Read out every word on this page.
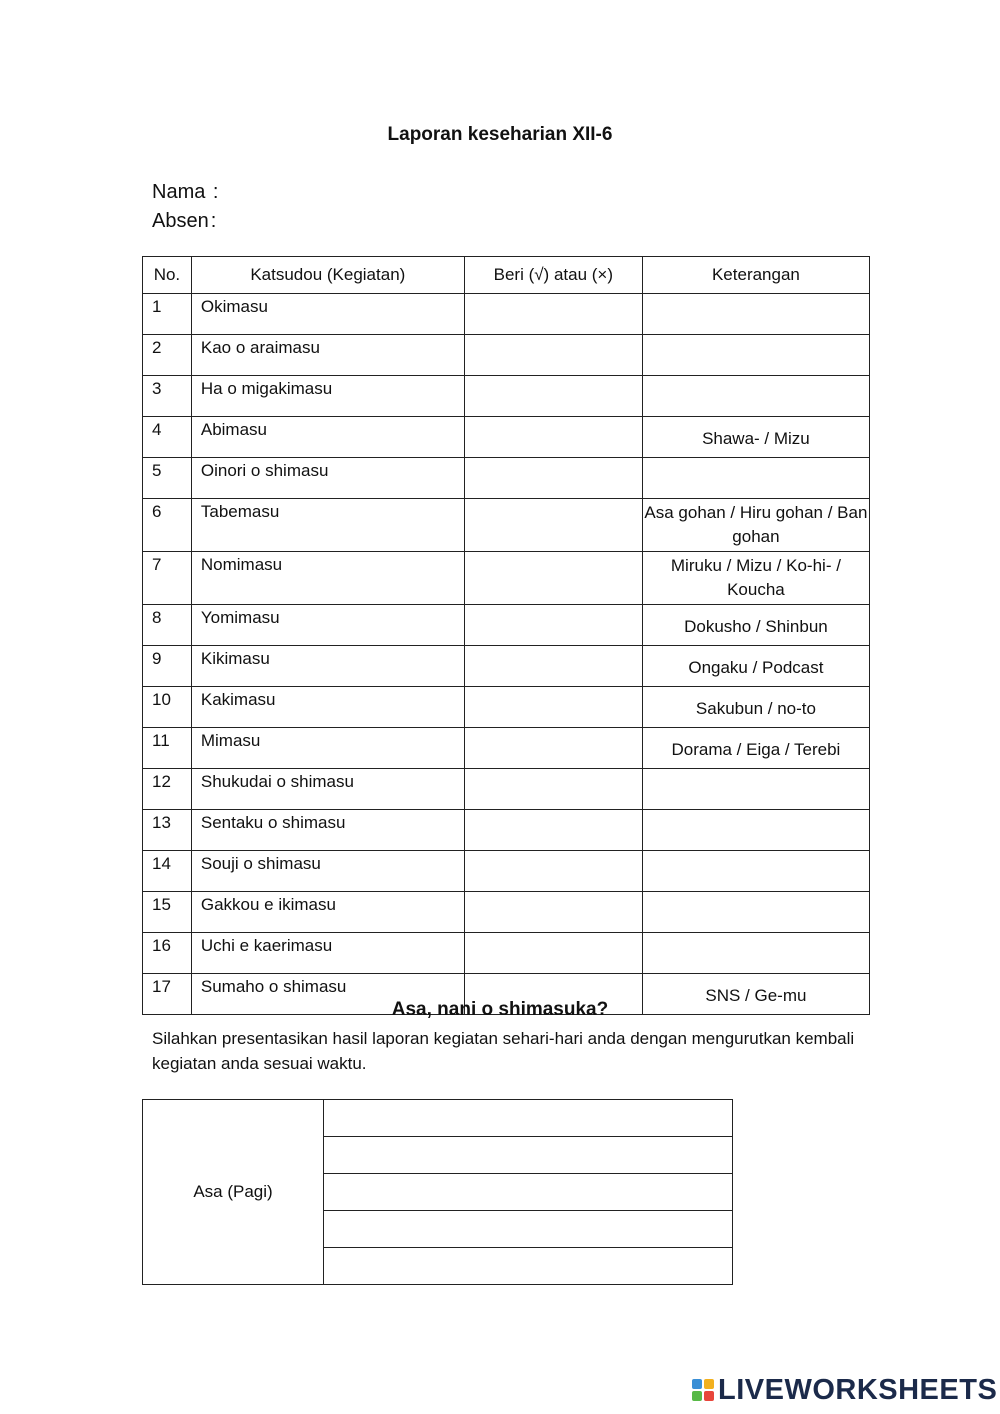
Laporan keseharian XII-6
Nama :
Absen :
No.	Katsudou (Kegiatan)	Beri (√) atau (×)	Keterangan
1	Okimasu		
2	Kao o araimasu		
3	Ha o migakimasu		
4	Abimasu		Shawa- / Mizu
5	Oinori o shimasu		
6	Tabemasu		Asa gohan / Hiru gohan / Ban gohan
7	Nomimasu		Miruku / Mizu / Ko-hi- / Koucha
8	Yomimasu		Dokusho / Shinbun
9	Kikimasu		Ongaku / Podcast
10	Kakimasu		Sakubun / no-to
11	Mimasu		Dorama / Eiga / Terebi
12	Shukudai o shimasu		
13	Sentaku o shimasu		
14	Souji o shimasu		
15	Gakkou e ikimasu		
16	Uchi e kaerimasu		
17	Sumaho o shimasu		SNS / Ge-mu
Asa, nani o shimasuka?
Silahkan presentasikan hasil laporan kegiatan sehari-hari anda dengan mengurutkan kembali kegiatan anda sesuai waktu.
Asa (Pagi)	

LIVEWORKSHEETS
